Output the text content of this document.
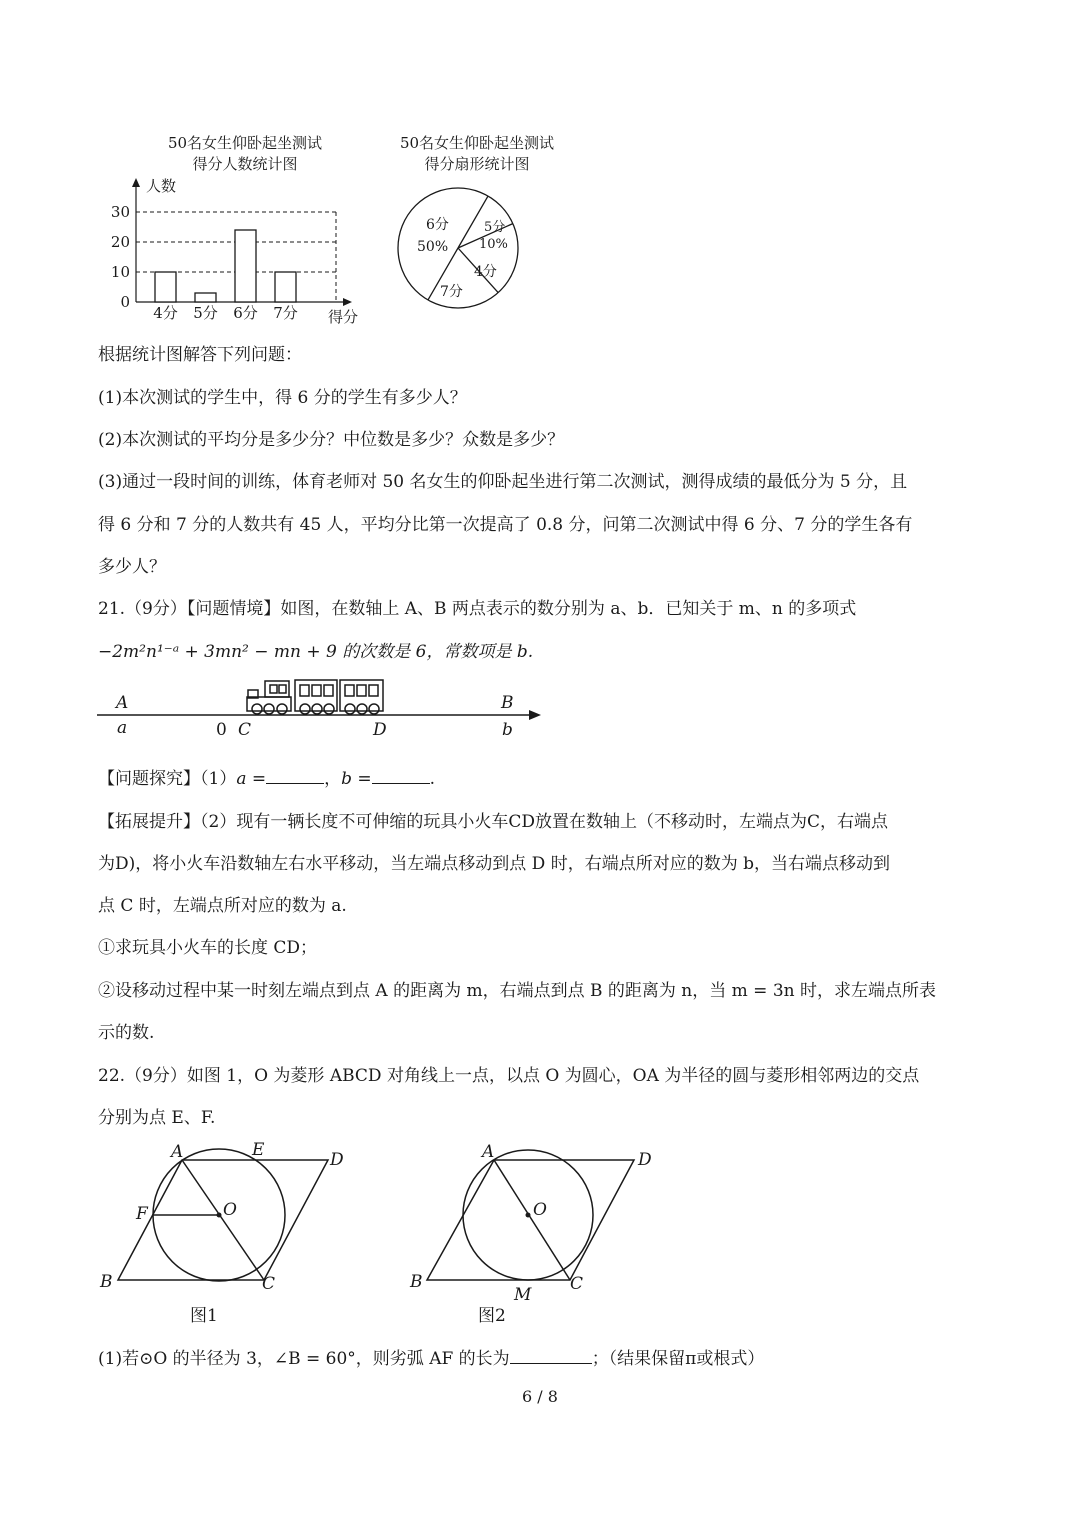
50名女生仰卧起坐测试
得分人数统计图
人数
得分
0
10
20
30
4分 5分 6分 7分
50名女生仰卧起坐测试
得分扇形统计图
6分
50%
5分
10%
4分
7分
根据统计图解答下列问题：
(1)本次测试的学生中，得 6 分的学生有多少人？
(2)本次测试的平均分是多少分？中位数是多少？众数是多少？
(3)通过一段时间的训练，体育老师对 50 名女生的仰卧起坐进行第二次测试，测得成绩的最低分为 5 分，且
得 6 分和 7 分的人数共有 45 人，平均分比第一次提高了 0.8 分，问第二次测试中得 6 分、7 分的学生各有
多少人？
21.（9分）【问题情境】如图，在数轴上 A、B 两点表示的数分别为 a、b．已知关于 m、n 的多项式
−2m²n¹⁻ᵃ + 3mn² − mn + 9 的次数是 6，常数项是 b.
A
a	0 C	D
B
b
【问题探究】（1）a =	，b =	.
【拓展提升】（2）现有一辆长度不可伸缩的玩具小火车CD放置在数轴上（不移动时，左端点为C，右端点
为D)，将小火车沿数轴左右水平移动，当左端点移动到点 D 时，右端点所对应的数为 b，当右端点移动到
点 C 时，左端点所对应的数为 a.
①求玩具小火车的长度 CD；
②设移动过程中某一时刻左端点到点 A 的距离为 m，右端点到点 B 的距离为 n，当 m = 3n 时，求左端点所表
示的数.
22.（9分）如图 1，O 为菱形 ABCD 对角线上一点，以点 O 为圆心，OA 为半径的圆与菱形相邻两边的交点
分别为点 E、F.
A	E	D
F	O
B	C
图1
A	D
O
B
M
C
图2
(1)若⊙O 的半径为 3，∠B = 60°，则劣弧 AF 的长为	；（结果保留π或根式）
6 / 8
